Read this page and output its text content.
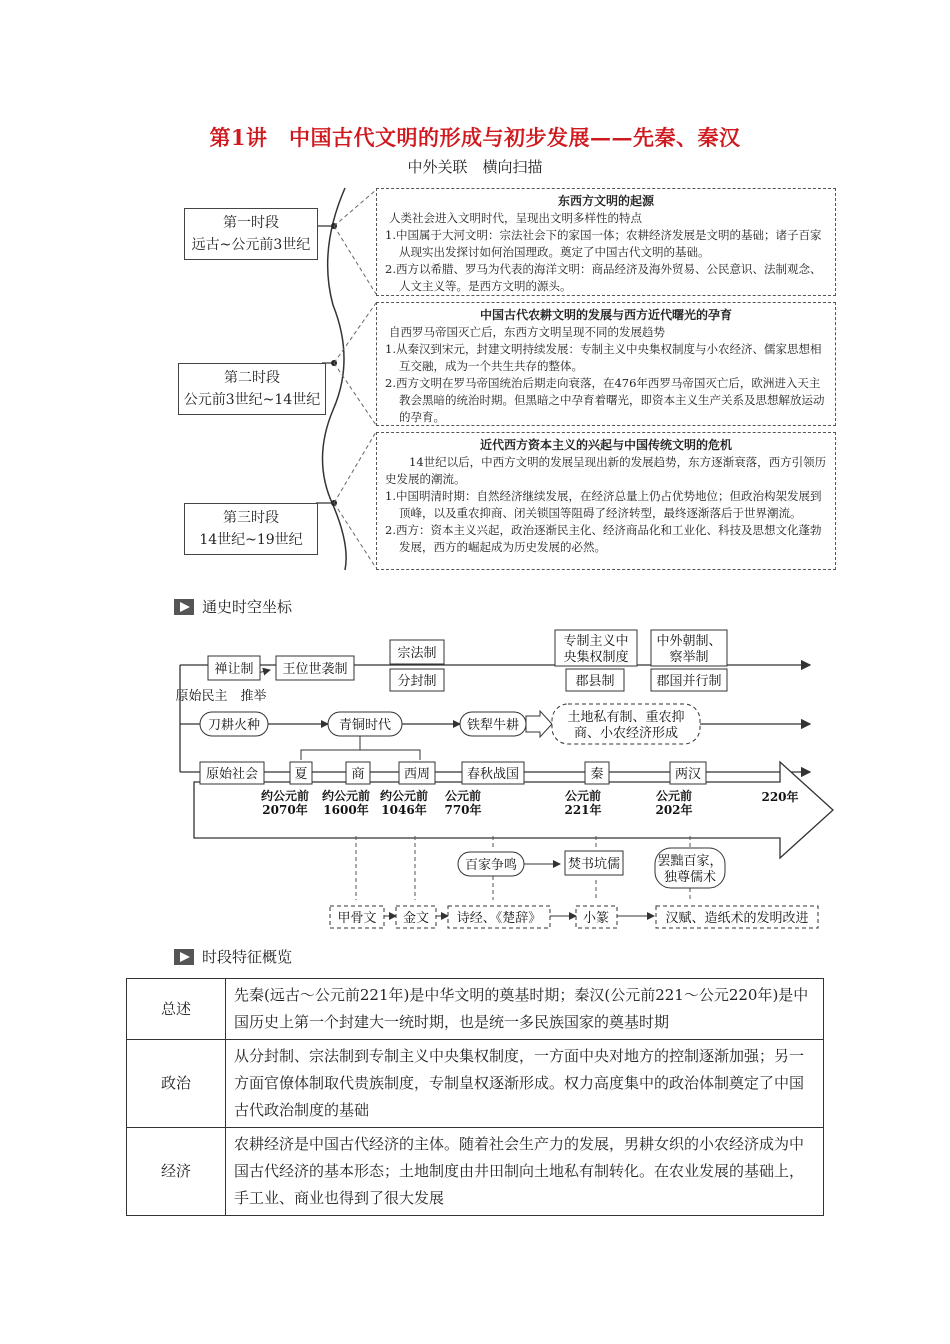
第1讲　中国古代文明的形成与初步发展——先秦、秦汉
中外关联　横向扫描
第一时段
远古~公元前3世纪
第二时段
公元前3世纪~14世纪
第三时段
14世纪~19世纪

东西方文明的起源

人类社会进入文明时代，呈现出文明多样性的特点

1.中国属于大河文明：宗法社会下的家国一体；农耕经济发展是文明的基础；诸子百家从现实出发探讨如何治国理政。奠定了中国古代文明的基础。

2.西方以希腊、罗马为代表的海洋文明：商品经济及海外贸易、公民意识、法制观念、人文主义等。是西方文明的源头。

中国古代农耕文明的发展与西方近代曙光的孕育

自西罗马帝国灭亡后，东西方文明呈现不同的发展趋势

1.从秦汉到宋元，封建文明持续发展：专制主义中央集权制度与小农经济、儒家思想相互交融，成为一个共生共存的整体。

2.西方文明在罗马帝国统治后期走向衰落，在476年西罗马帝国灭亡后，欧洲进入天主教会黑暗的统治时期。但黑暗之中孕育着曙光，即资本主义生产关系及思想解放运动的孕育。

近代西方资本主义的兴起与中国传统文明的危机

14世纪以后，中西方文明的发展呈现出新的发展趋势，东方逐渐衰落，西方引领历史发展的潮流。

1.中国明清时期：自然经济继续发展，在经济总量上仍占优势地位；但政治构架发展到顶峰，以及重农抑商、闭关锁国等阻碍了经济转型，最终逐渐落后于世界潮流。

2.西方：资本主义兴起，政治逐渐民主化、经济商品化和工业化、科技及思想文化蓬勃发展，西方的崛起成为历史发展的必然。

通史时空坐标
禅让制 王位世袭制
宗法制
专制主义中
央集权制度
中外朝制、
察举制
分封制	郡县制	郡国并行制
原始民主　推举
刀耕火种	青铜时代	铁犁牛耕
土地私有制、重农抑
商、小农经济形成
原始社会	夏	商	西周	春秋战国	秦	两汉
约公元前
2070年
约公元前
1600年
约公元前
1046年
公元前
770年
公元前
221年
公元前
202年
220年
百家争鸣	焚书坑儒	罢黜百家，
独尊儒术
甲骨文 金文 诗经、《楚辞》	小篆	汉赋、造纸术的发明改进
时段特征概览
总述	先秦(远古～公元前221年)是中华文明的奠基时期；秦汉(公元前221～公元220年)是中国历史上第一个封建大一统时期，也是统一多民族国家的奠基时期
政治	从分封制、宗法制到专制主义中央集权制度，一方面中央对地方的控制逐渐加强；另一方面官僚体制取代贵族制度，专制皇权逐渐形成。权力高度集中的政治体制奠定了中国古代政治制度的基础
经济	农耕经济是中国古代经济的主体。随着社会生产力的发展，男耕女织的小农经济成为中国古代经济的基本形态；土地制度由井田制向土地私有制转化。在农业发展的基础上，手工业、商业也得到了很大发展
